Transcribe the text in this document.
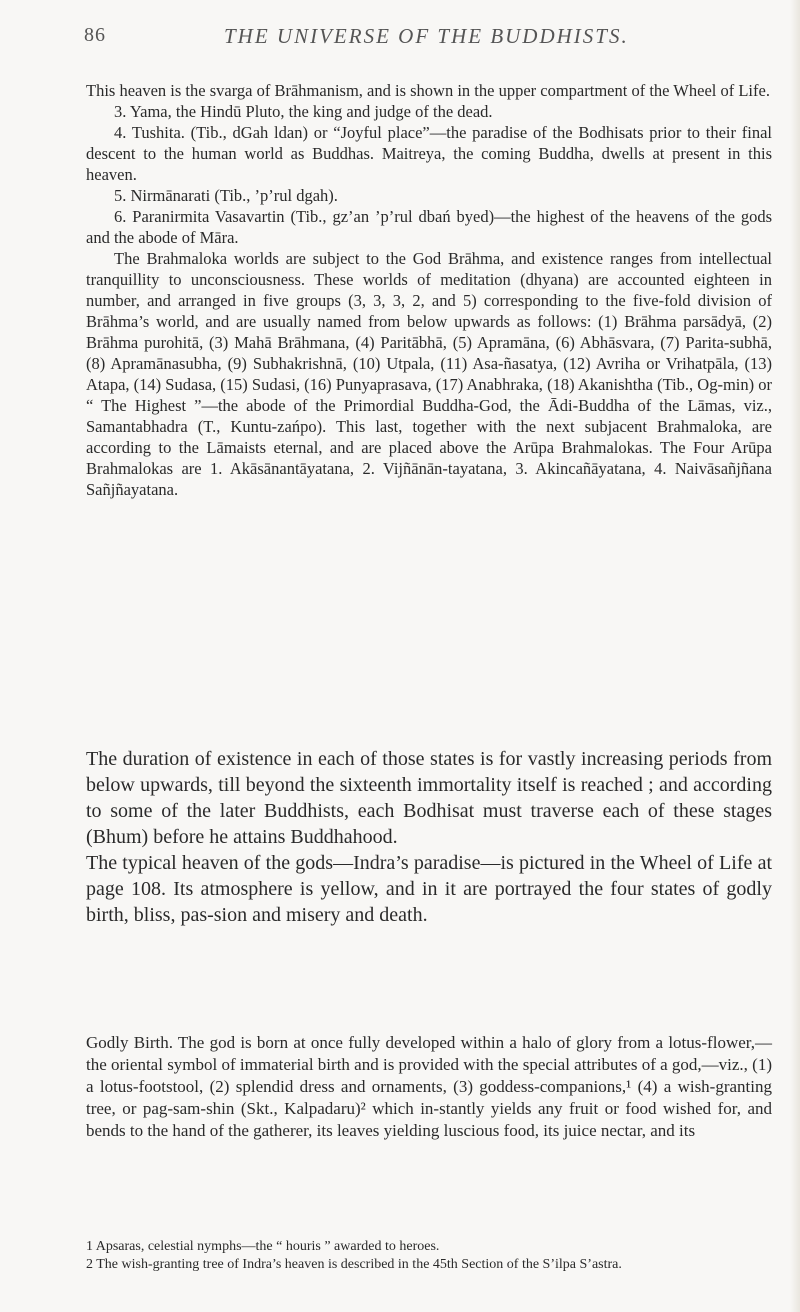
86	THE UNIVERSE OF THE BUDDHISTS.

This heaven is the svarga of Brāhmanism, and is shown in the upper compartment of the Wheel of Life.

3. Yama, the Hindū Pluto, the king and judge of the dead.

4. Tushita. (Tib., dGah ldan) or “Joyful place”—the paradise of the Bodhisats prior to their final descent to the human world as Buddhas. Maitreya, the coming Buddha, dwells at present in this heaven.

5. Nirmānarati (Tib., ’p’rul dgah).

6. Paranirmita Vasavartin (Tib., gz’an ’p’rul dbań byed)—the highest of the heavens of the gods and the abode of Māra.

The Brahmaloka worlds are subject to the God Brāhma, and existence ranges from intellectual tranquillity to unconsciousness. These worlds of meditation (dhyana) are accounted eighteen in number, and arranged in five groups (3, 3, 3, 2, and 5) corresponding to the five-fold division of Brāhma’s world, and are usually named from below upwards as follows: (1) Brāhma parsādyā, (2) Brāhma purohitā, (3) Mahā Brāhmana, (4) Paritābhā, (5) Apramāna, (6) Abhāsvara, (7) Parita-subhā, (8) Apramānasubha, (9) Subhakrishnā, (10) Utpala, (11) Asa-ñasatya, (12) Avriha or Vrihatpāla, (13) Atapa, (14) Sudasa, (15) Sudasi, (16) Punyaprasava, (17) Anabhraka, (18) Akanishtha (Tib., Og-min) or “ The Highest ”—the abode of the Primordial Buddha-God, the Ādi-Buddha of the Lāmas, viz., Samantabhadra (T., Kuntu-zańpo). This last, together with the next subjacent Brahmaloka, are according to the Lāmaists eternal, and are placed above the Arūpa Brahmalokas. The Four Arūpa Brahmalokas are 1. Akāsānantāyatana, 2. Vijñānān-tayatana, 3. Akincañāyatana, 4. Naivāsañjñana Sañjñayatana.

The duration of existence in each of those states is for vastly increasing periods from below upwards, till beyond the sixteenth immortality itself is reached ; and according to some of the later Buddhists, each Bodhisat must traverse each of these stages (Bhum) before he attains Buddhahood.

The typical heaven of the gods—Indra’s paradise—is pictured in the Wheel of Life at page 108. Its atmosphere is yellow, and in it are portrayed the four states of godly birth, bliss, pas-sion and misery and death.

Godly Birth. The god is born at once fully developed within a halo of glory from a lotus-flower,—the oriental symbol of immaterial birth and is provided with the special attributes of a god,—viz., (1) a lotus-footstool, (2) splendid dress and ornaments, (3) goddess-companions,¹ (4) a wish-granting tree, or pag-sam-shin (Skt., Kalpadaru)² which in-stantly yields any fruit or food wished for, and bends to the hand of the gatherer, its leaves yielding luscious food, its juice nectar, and its

1 Apsaras, celestial nymphs—the “ houris ” awarded to heroes.

2 The wish-granting tree of Indra’s heaven is described in the 45th Section of the S’ilpa S’astra.
